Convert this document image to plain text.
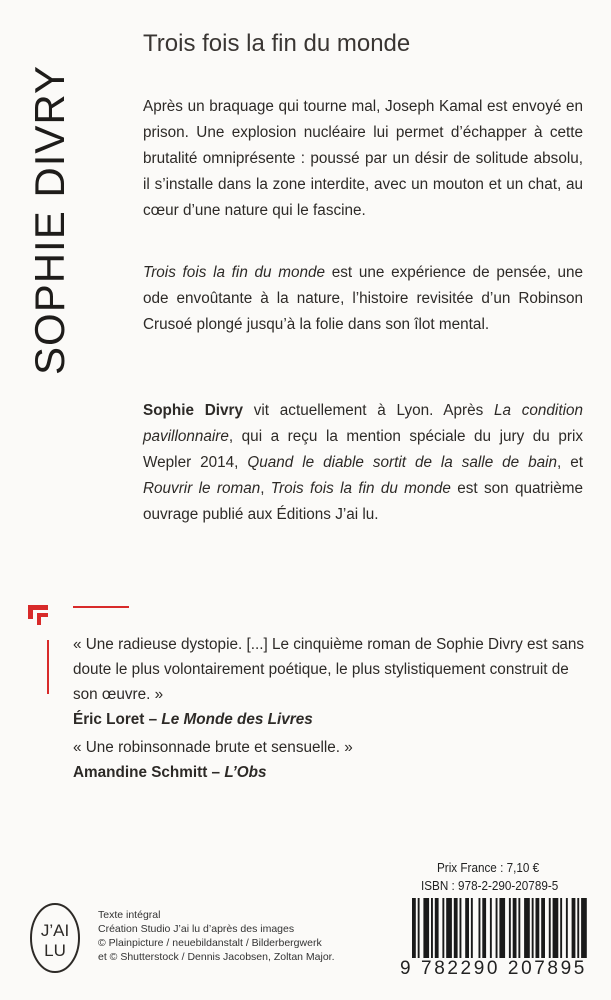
SOPHIE DIVRY
Trois fois la fin du monde

Après un braquage qui tourne mal, Joseph Kamal est envoyé en prison. Une explosion nucléaire lui permet d’échapper à cette brutalité omniprésente : poussé par un désir de solitude absolu, il s’installe dans la zone interdite, avec un mouton et un chat, au cœur d’une nature qui le fascine.

Trois fois la fin du monde est une expérience de pensée, une ode envoûtante à la nature, l’histoire revisitée d’un Robinson Crusoé plongé jusqu’à la folie dans son îlot mental.

Sophie Divry vit actuellement à Lyon. Après La condition pavillonnaire, qui a reçu la mention spéciale du jury du prix Wepler 2014, Quand le diable sortit de la salle de bain, et Rouvrir le roman, Trois fois la fin du monde est son quatrième ouvrage publié aux Éditions J’ai lu.

« Une radieuse dystopie. [...] Le cinquième roman de Sophie Divry est sans doute le plus volontairement poétique, le plus stylistiquement construit de son œuvre. »

Éric Loret – Le Monde des Livres

« Une robinsonnade brute et sensuelle. »

Amandine Schmitt – L’Obs

J’AI
LU
Texte intégral
Création Studio J’ai lu d’après des images
© Plainpicture / neuebildanstalt / Bilderbergwerk
et © Shutterstock / Dennis Jacobsen, Zoltan Major.
Prix France : 7,10 €
ISBN : 978-2-290-20789-5
9 782290 207895
